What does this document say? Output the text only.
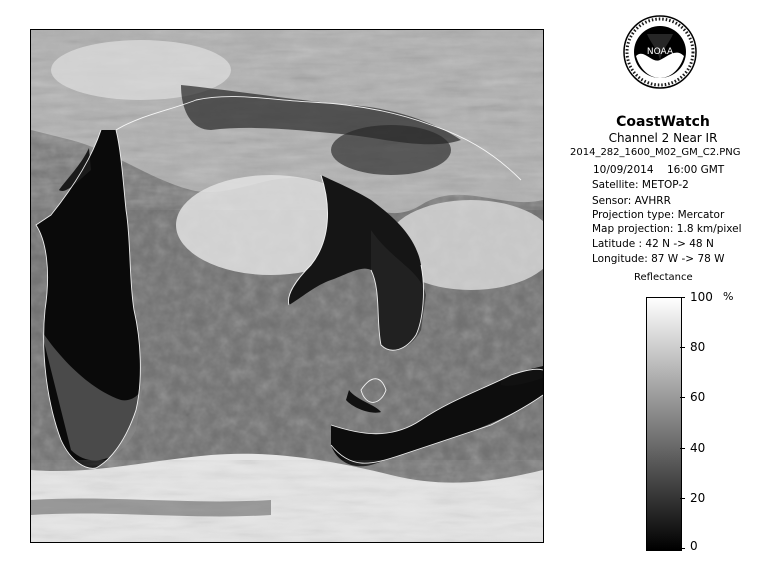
NOAA
CoastWatch
Channel 2 Near IR
2014_282_1600_M02_GM_C2.PNG
10/09/2014 16:00 GMT
Satellite: METOP-2
Sensor: AVHRR
Projection type: Mercator
Map projection: 1.8 km/pixel
Latitude : 42 N -> 48 N
Longitude: 87 W -> 78 W
Reflectance
%
100
80
60
40
20
0
